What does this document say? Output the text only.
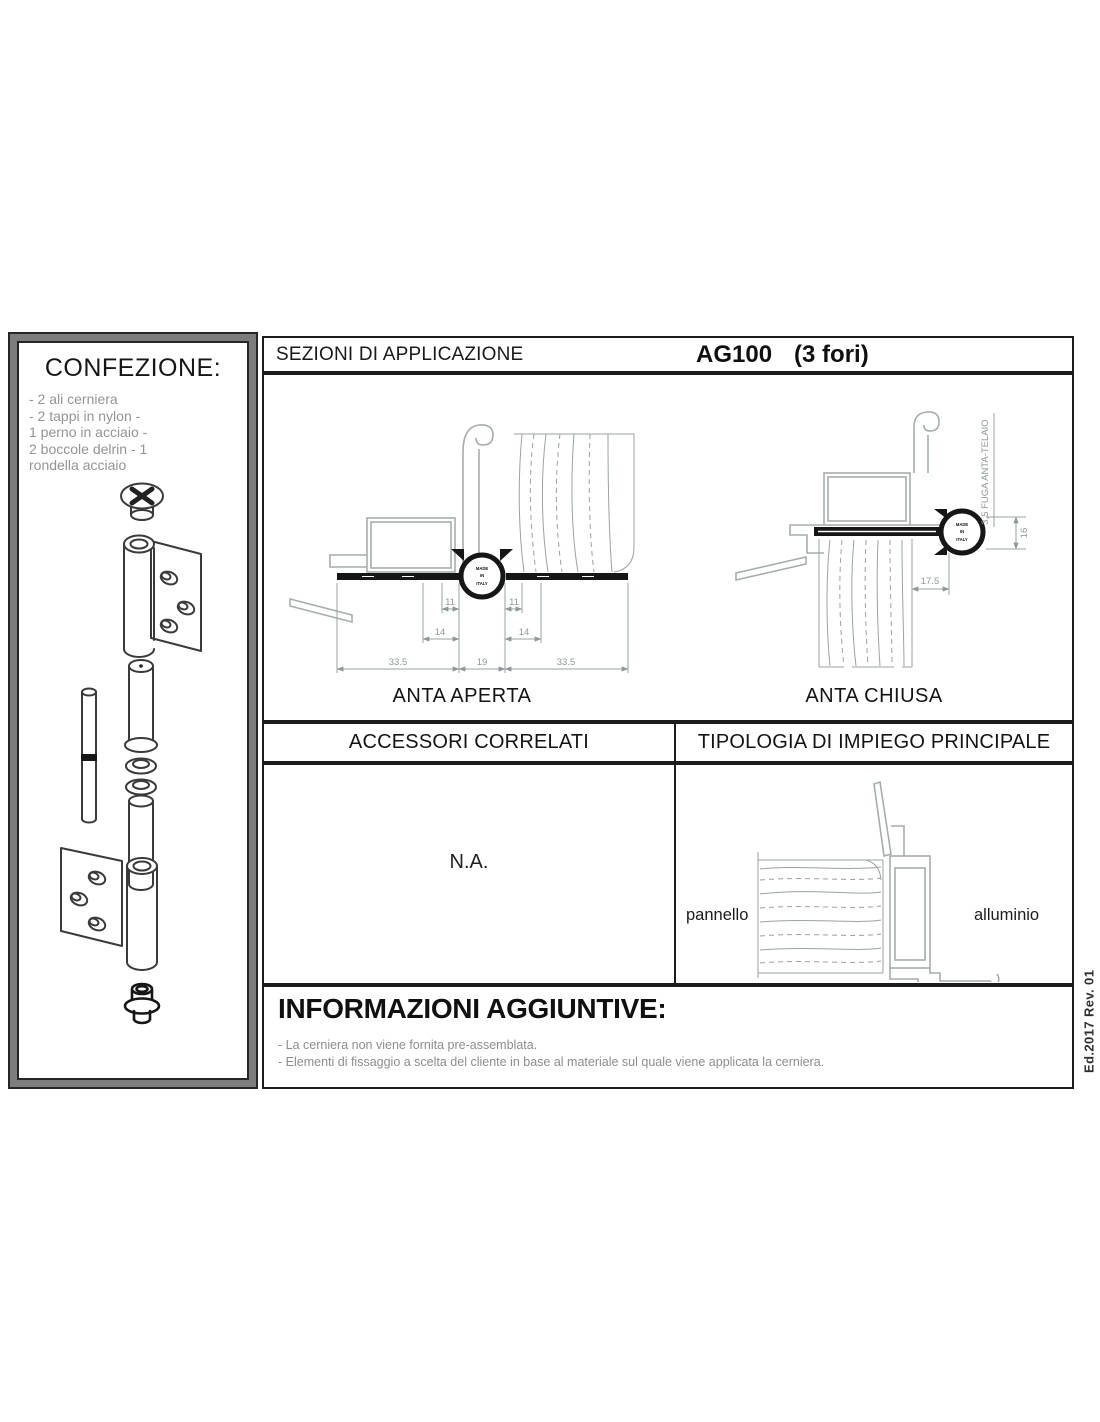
CONFEZIONE:
- 2 ali cerniera
- 2 tappi in nylon -
1 perno in acciaio -
2 boccole delrin - 1
rondella acciaio
SEZIONI DI APPLICAZIONE	AG100 (3 fori)
MADE
IN
ITALY
11	11
14	14
33.5	19	33.5
ANTA APERTA
MADE
IN
ITALY
3,5 FUGA ANTA-TELAIO
16
17.5
ANTA CHIUSA
ACCESSORI CORRELATI	TIPOLOGIA DI IMPIEGO PRINCIPALE
N.A.
pannello	alluminio
INFORMAZIONI AGGIUNTIVE:
- La cerniera non viene fornita pre-assemblata.
- Elementi di fissaggio a scelta del cliente in base al materiale sul quale viene applicata la cerniera.	Ed.2017 Rev. 01
